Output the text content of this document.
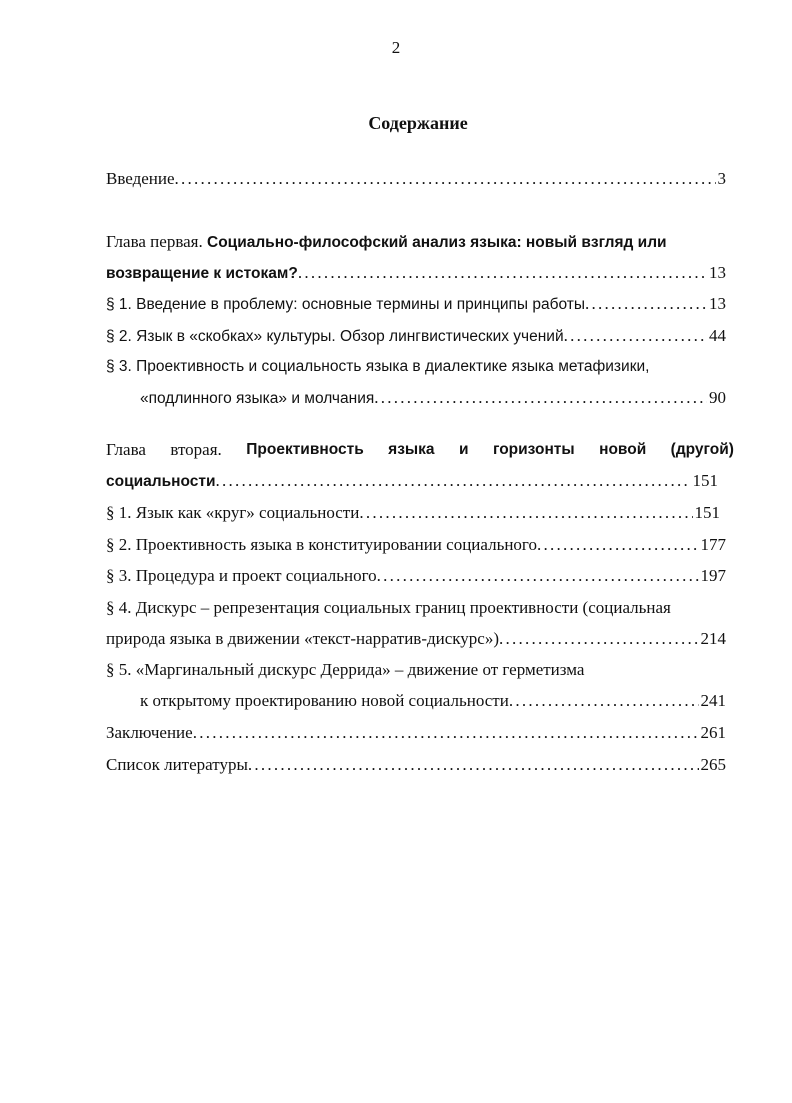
2
Содержание
Введение . . .	3
Глава первая. Социально-философский анализ языка: новый взгляд или
возвращение к истокам? . . .	13
§ 1. Введение в проблему: основные термины и принципы работы . . .	13
§ 2. Язык в «скобках» культуры. Обзор лингвистических учений . . .	44
§ 3. Проективность и социальность языка в диалектике языка метафизики,
«подлинного языка» и молчания . . .	90
Глава вторая. Проективность языка и горизонты новой (другой)
социальности . . .	151
§ 1. Язык как «круг» социальности . . .	151
§ 2. Проективность языка в конституировании социального . . .	177
§ 3. Процедура и проект социального . . .	197
§ 4. Дискурс – репрезентация социальных границ проективности (социальная
природа языка в движении «текст-нарратив-дискурс») . . .	214
§ 5. «Маргинальный дискурс Деррида» – движение от герметизма
к открытому проектированию новой социальности . . .	241
Заключение . . .	261
Список литературы . . .	265
